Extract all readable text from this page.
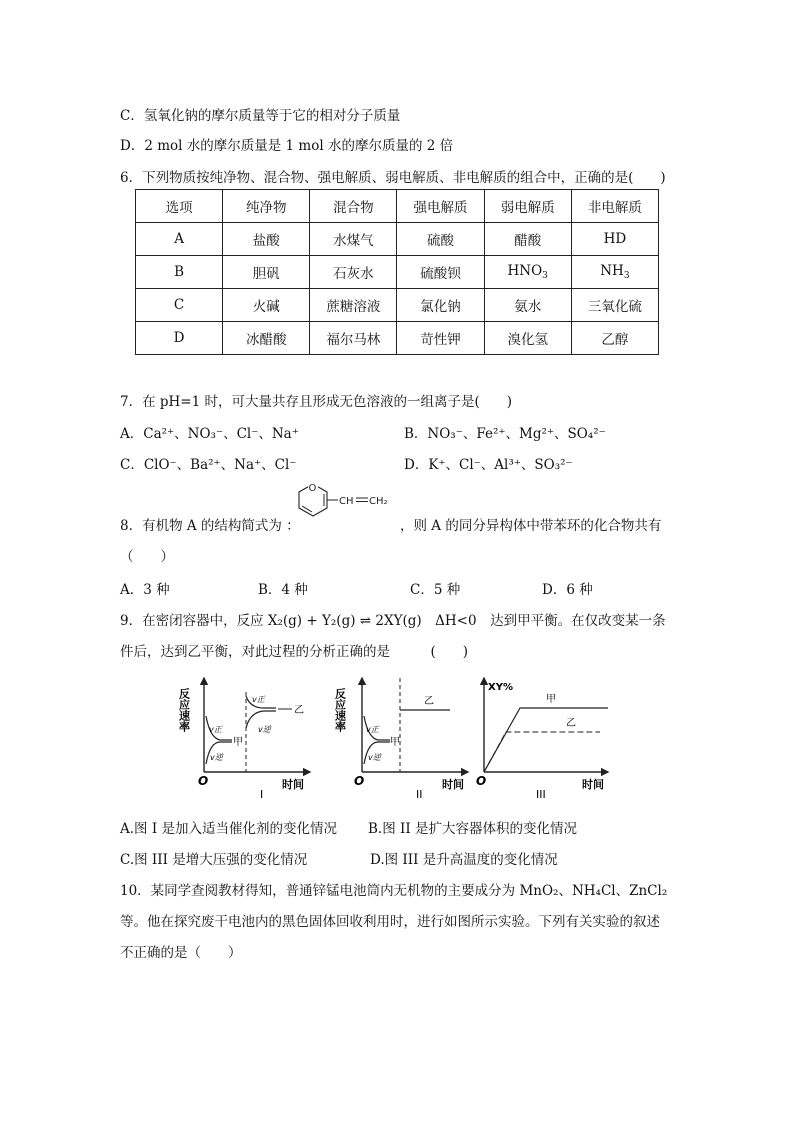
C．氢氧化钠的摩尔质量等于它的相对分子质量
D．2 mol 水的摩尔质量是 1 mol 水的摩尔质量的 2 倍
6．下列物质按纯净物、混合物、强电解质、弱电解质、非电解质的组合中，正确的是(　　)
选项	纯净物	混合物	强电解质	弱电解质	非电解质
A	盐酸	水煤气	硫酸	醋酸	HD
B	胆矾	石灰水	硫酸钡	$HNO_3$	$NH_3$
C	火碱	蔗糖溶液	氯化钠	氨水	三氧化硫
D	冰醋酸	福尔马林	苛性钾	溴化氢	乙醇
7．在 pH=1 时，可大量共存且形成无色溶液的一组离子是(　　)
A．Ca²⁺、NO₃⁻、Cl⁻、Na⁺	B．NO₃⁻、Fe²⁺、Mg²⁺、SO₄²⁻
C．ClO⁻、Ba²⁺、Na⁺、Cl⁻	D．K⁺、Cl⁻、Al³⁺、SO₃²⁻
8．有机物 A 的结构简式为 ：
O
CH CH₂
，则 A 的同分异构体中带苯环的化合物共有
（　　）
A．3 种	B．4 种	C．5 种	D．6 种
9．在密闭容器中，反应 X₂(g) + Y₂(g) ⇌ 2XY(g)　ΔH<0　达到甲平衡。在仅改变某一条
件后，达到乙平衡，对此过程的分析正确的是　　　(　　)
反应速率
O	时间
v正
v逆
甲
v正
v逆
乙
I
反应速率
O	时间
v正
v逆
甲
乙
II
XY%
O	时间
甲
乙
III
A.图 I 是加入适当催化剂的变化情况 B.图 II 是扩大容器体积的变化情况
C.图 III 是增大压强的变化情况	D.图 III 是升高温度的变化情况
10．某同学查阅教材得知，普通锌锰电池筒内无机物的主要成分为 MnO₂、NH₄Cl、ZnCl₂
等。他在探究废干电池内的黑色固体回收利用时，进行如图所示实验。下列有关实验的叙述
不正确的是（　　）
